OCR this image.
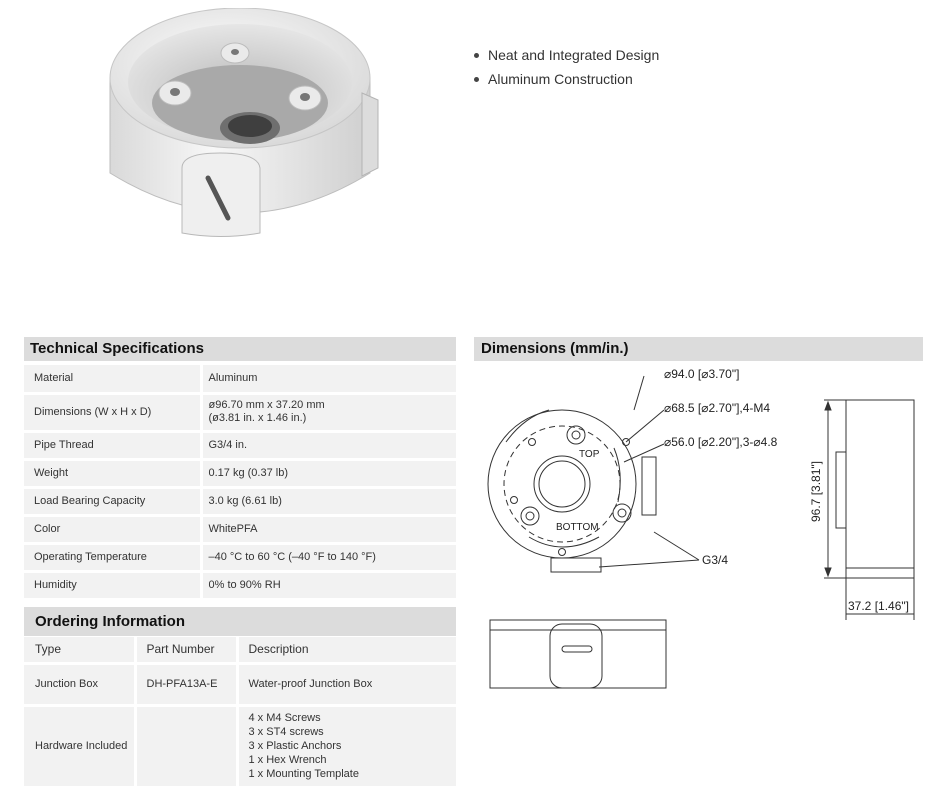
Neat and Integrated Design
Aluminum Construction
Technical Specifications
Material	Aluminum
Dimensions (W x H x D)	ø96.70 mm x 37.20 mm
(ø3.81 in. x 1.46 in.)

Pipe Thread	G3/4 in.
Weight	0.17 kg (0.37 lb)
Load Bearing Capacity	3.0 kg (6.61 lb)
Color	WhitePFA
Operating Temperature	–40 °C to 60 °C (–40 °F to 140 °F)
Humidity	0% to 90% RH
Ordering Information
Type	Part Number	Description
Junction Box	DH-PFA13A-E	Water-proof Junction Box
Hardware Included		4 x M4 Screws
3 x ST4 screws
3 x Plastic Anchors
1 x Hex Wrench
1 x Mounting Template
Dimensions (mm/in.)
⌀94.0 [⌀3.70"]
⌀68.5 [⌀2.70"],4-M4
⌀56.0 [⌀2.20"],3-⌀4.8
TOP
BOTTOM
G3/4
96.7 [3.81"]
37.2 [1.46"]
